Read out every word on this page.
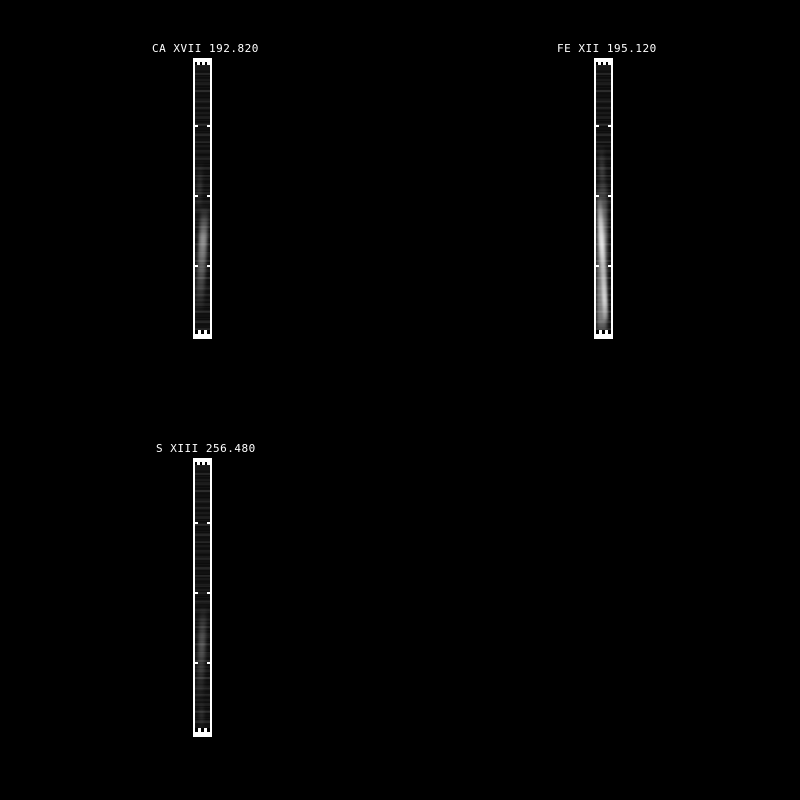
CA XVII 192.820	FE XII 195.120
S XIII 256.480
